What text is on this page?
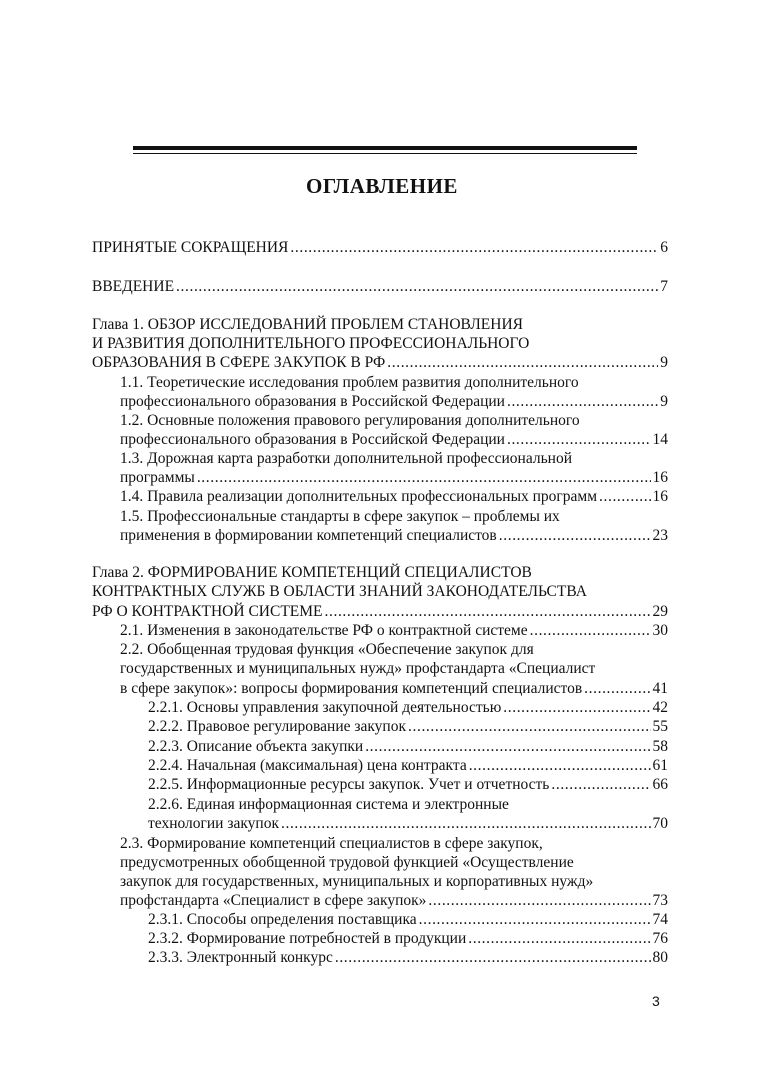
ОГЛАВЛЕНИЕ
ПРИНЯТЫЕ СОКРАЩЕНИЯ .....	6
ВВЕДЕНИЕ .....	7
Глава 1. ОБЗОР ИССЛЕДОВАНИЙ ПРОБЛЕМ СТАНОВЛЕНИЯ
И РАЗВИТИЯ ДОПОЛНИТЕЛЬНОГО ПРОФЕССИОНАЛЬНОГО
ОБРАЗОВАНИЯ В СФЕРЕ ЗАКУПОК В РФ .....	9
1.1. Теоретические исследования проблем развития дополнительного
профессионального образования в Российской Федерации .....	9
1.2. Основные положения правового регулирования дополнительного
профессионального образования в Российской Федерации .....	14
1.3. Дорожная карта разработки дополнительной профессиональной
программы .....	16
1.4. Правила реализации дополнительных профессиональных программ .....	16
1.5. Профессиональные стандарты в сфере закупок – проблемы их
применения в формировании компетенций специалистов .....	23
Глава 2. ФОРМИРОВАНИЕ КОМПЕТЕНЦИЙ СПЕЦИАЛИСТОВ
КОНТРАКТНЫХ СЛУЖБ В ОБЛАСТИ ЗНАНИЙ ЗАКОНОДАТЕЛЬСТВА
РФ О КОНТРАКТНОЙ СИСТЕМЕ .....	29
2.1. Изменения в законодательстве РФ о контрактной системе .....	30
2.2. Обобщенная трудовая функция «Обеспечение закупок для
государственных и муниципальных нужд» профстандарта «Специалист
в сфере закупок»: вопросы формирования компетенций специалистов .....	41
2.2.1. Основы управления закупочной деятельностью .....	42
2.2.2. Правовое регулирование закупок .....	55
2.2.3. Описание объекта закупки .....	58
2.2.4. Начальная (максимальная) цена контракта .....	61
2.2.5. Информационные ресурсы закупок. Учет и отчетность .....	66
2.2.6. Единая информационная система и электронные
технологии закупок .....	70
2.3. Формирование компетенций специалистов в сфере закупок,
предусмотренных обобщенной трудовой функцией «Осуществление
закупок для государственных, муниципальных и корпоративных нужд»
профстандарта «Специалист в сфере закупок» .....	73
2.3.1. Способы определения поставщика .....	74
2.3.2. Формирование потребностей в продукции .....	76
2.3.3. Электронный конкурс .....	80
3
